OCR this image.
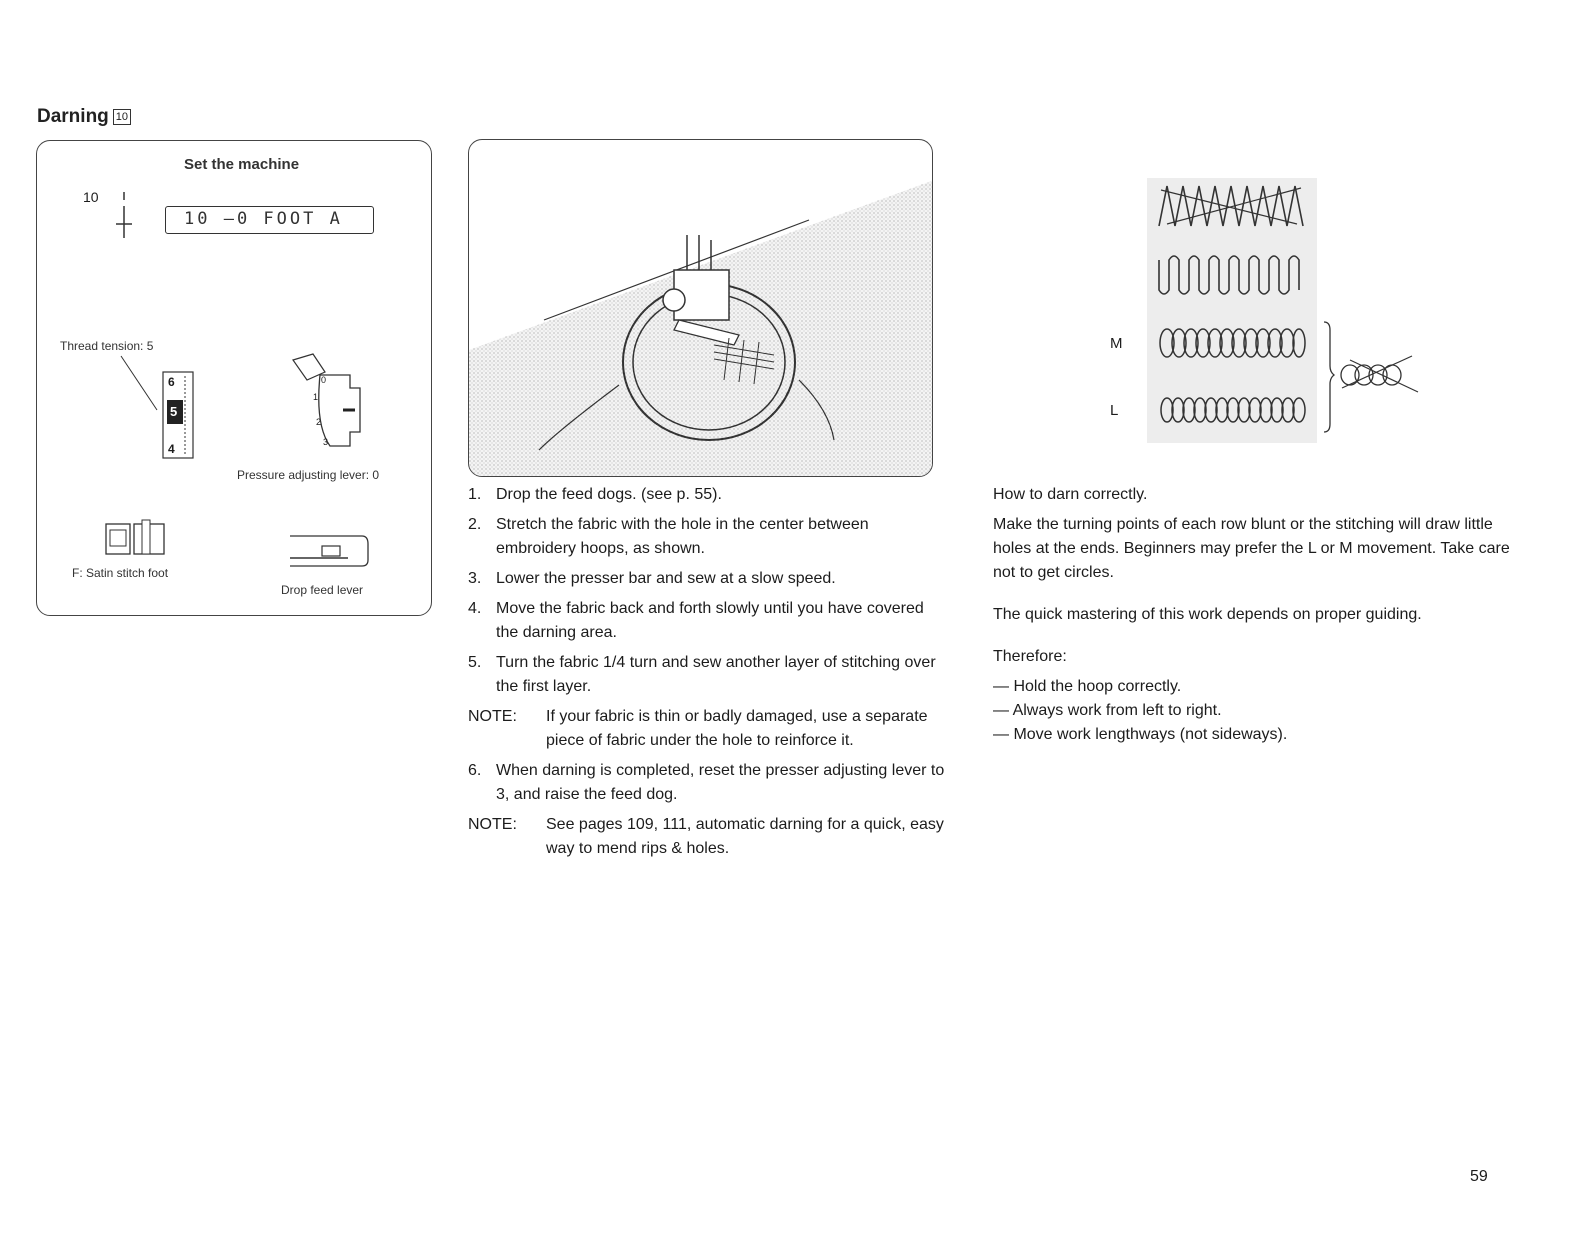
Darning 10
Set the machine
10
10 —0 FOOT A
Thread tension: 5
6
5
4
0
1
2
3
Pressure adjusting lever: 0
F: Satin stitch foot
Drop feed lever
1. Drop the feed dogs. (see p. 55).
2. Stretch the fabric with the hole in the center between embroidery hoops, as shown.
3. Lower the presser bar and sew at a slow speed.
4. Move the fabric back and forth slowly until you have covered the darning area.
5. Turn the fabric 1/4 turn and sew another layer of stitching over the first layer.
NOTE:	If your fabric is thin or badly damaged, use a separate piece of fabric under the hole to reinforce it.
6. When darning is completed, reset the presser adjusting lever to 3, and raise the feed dog.
NOTE:	See pages 109, 111, automatic darning for a quick, easy way to mend rips & holes.
M
L

How to darn correctly.

Make the turning points of each row blunt or the stitching will draw little holes at the ends. Beginners may prefer the L or M movement. Take care not to get circles.

The quick mastering of this work depends on proper guiding.

Therefore:

— Hold the hoop correctly.
— Always work from left to right.
— Move work lengthways (not sideways).
59
